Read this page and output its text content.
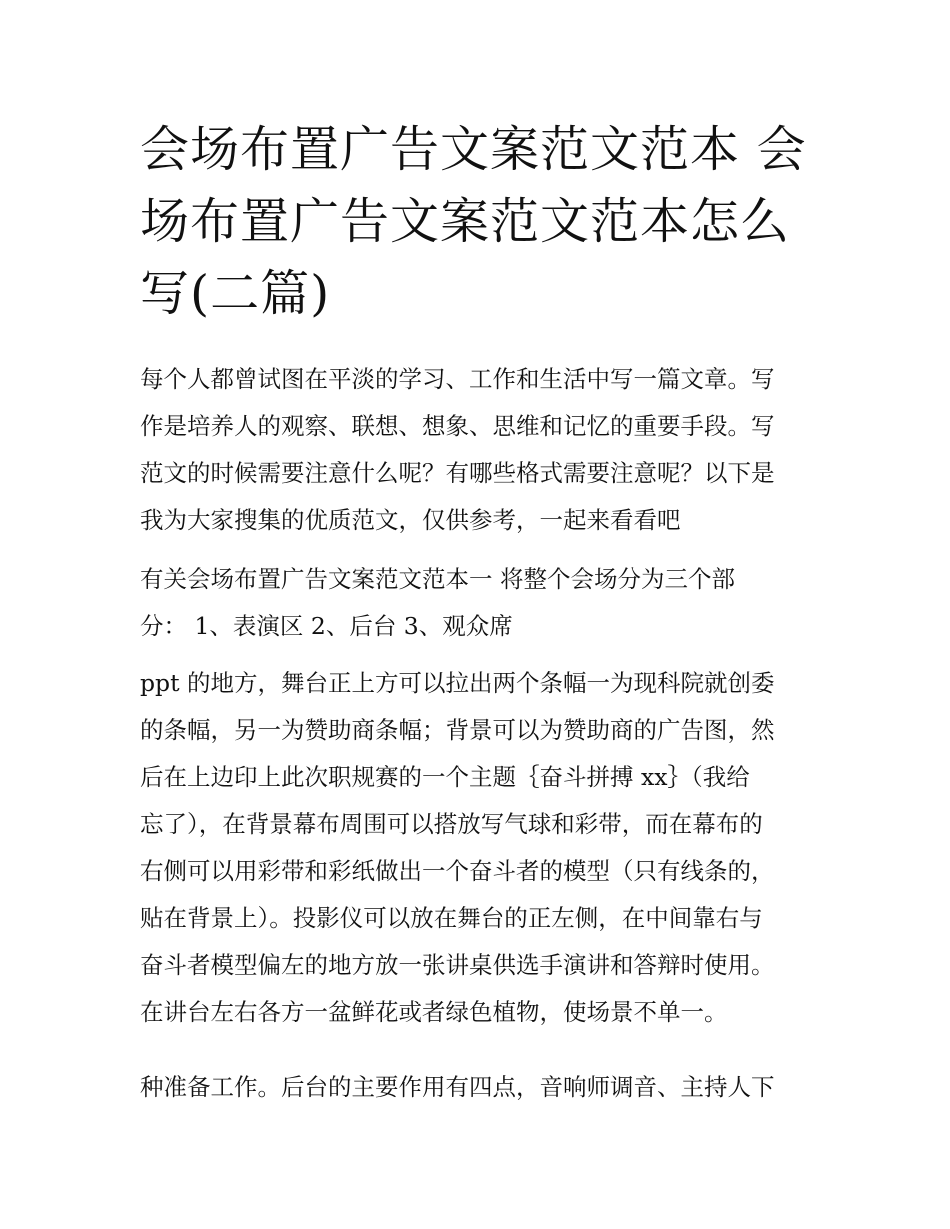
会场布置广告文案范文范本 会
场布置广告文案范文范本怎么
写(二篇)

每个人都曾试图在平淡的学习、工作和生活中写一篇文章。写
作是培养人的观察、联想、想象、思维和记忆的重要手段。写
范文的时候需要注意什么呢？有哪些格式需要注意呢？以下是
我为大家搜集的优质范文，仅供参考，一起来看看吧

有关会场布置广告文案范文范本一 将整个会场分为三个部
分： 1、表演区 2、后台 3、观众席

ppt 的地方，舞台正上方可以拉出两个条幅一为现科院就创委
的条幅，另一为赞助商条幅；背景可以为赞助商的广告图，然
后在上边印上此次职规赛的一个主题｛奋斗拼搏 xx｝（我给
忘了），在背景幕布周围可以搭放写气球和彩带，而在幕布的
右侧可以用彩带和彩纸做出一个奋斗者的模型（只有线条的，
贴在背景上）。投影仪可以放在舞台的正左侧，在中间靠右与
奋斗者模型偏左的地方放一张讲桌供选手演讲和答辩时使用。
在讲台左右各方一盆鲜花或者绿色植物，使场景不单一。

种准备工作。后台的主要作用有四点，音响师调音、主持人下
